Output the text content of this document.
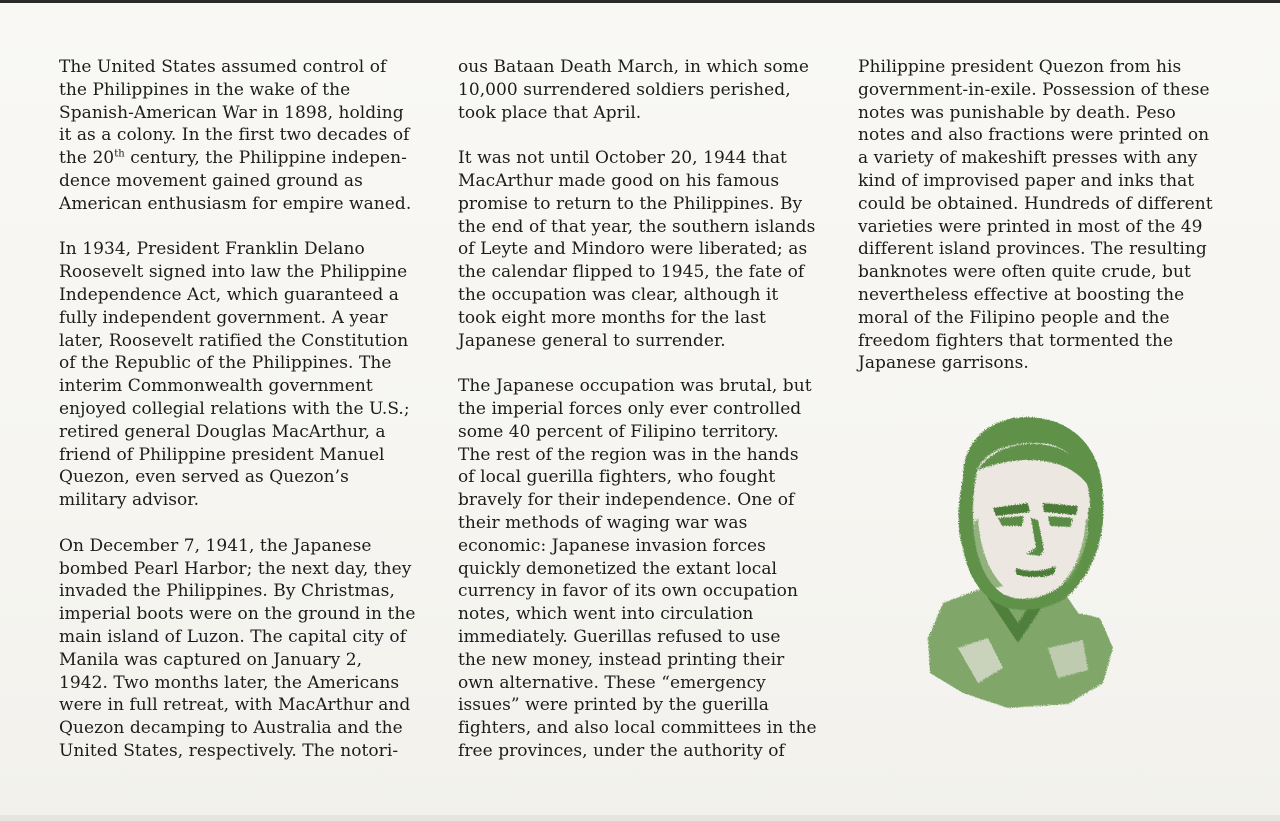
The United States assumed control of
the Philippines in the wake of the
Spanish-American War in 1898, holding
it as a colony. In the first two decades of
the 20th century, the Philippine indepen-
dence movement gained ground as
American enthusiasm for empire waned.

In 1934, President Franklin Delano
Roosevelt signed into law the Philippine
Independence Act, which guaranteed a
fully independent government. A year
later, Roosevelt ratified the Constitution
of the Republic of the Philippines. The
interim Commonwealth government
enjoyed collegial relations with the U.S.;
retired general Douglas MacArthur, a
friend of Philippine president Manuel
Quezon, even served as Quezon’s
military advisor.

On December 7, 1941, the Japanese
bombed Pearl Harbor; the next day, they
invaded the Philippines. By Christmas,
imperial boots were on the ground in the
main island of Luzon. The capital city of
Manila was captured on January 2,
1942. Two months later, the Americans
were in full retreat, with MacArthur and
Quezon decamping to Australia and the
United States, respectively. The notori-

ous Bataan Death March, in which some
10,000 surrendered soldiers perished,
took place that April.

It was not until October 20, 1944 that
MacArthur made good on his famous
promise to return to the Philippines. By
the end of that year, the southern islands
of Leyte and Mindoro were liberated; as
the calendar flipped to 1945, the fate of
the occupation was clear, although it
took eight more months for the last
Japanese general to surrender.

The Japanese occupation was brutal, but
the imperial forces only ever controlled
some 40 percent of Filipino territory.
The rest of the region was in the hands
of local guerilla fighters, who fought
bravely for their independence. One of
their methods of waging war was
economic: Japanese invasion forces
quickly demonetized the extant local
currency in favor of its own occupation
notes, which went into circulation
immediately. Guerillas refused to use
the new money, instead printing their
own alternative. These “emergency
issues” were printed by the guerilla
fighters, and also local committees in the
free provinces, under the authority of

Philippine president Quezon from his
government-in-exile. Possession of these
notes was punishable by death. Peso
notes and also fractions were printed on
a variety of makeshift presses with any
kind of improvised paper and inks that
could be obtained. Hundreds of different
varieties were printed in most of the 49
different island provinces. The resulting
banknotes were often quite crude, but
nevertheless effective at boosting the
moral of the Filipino people and the
freedom fighters that tormented the
Japanese garrisons.
